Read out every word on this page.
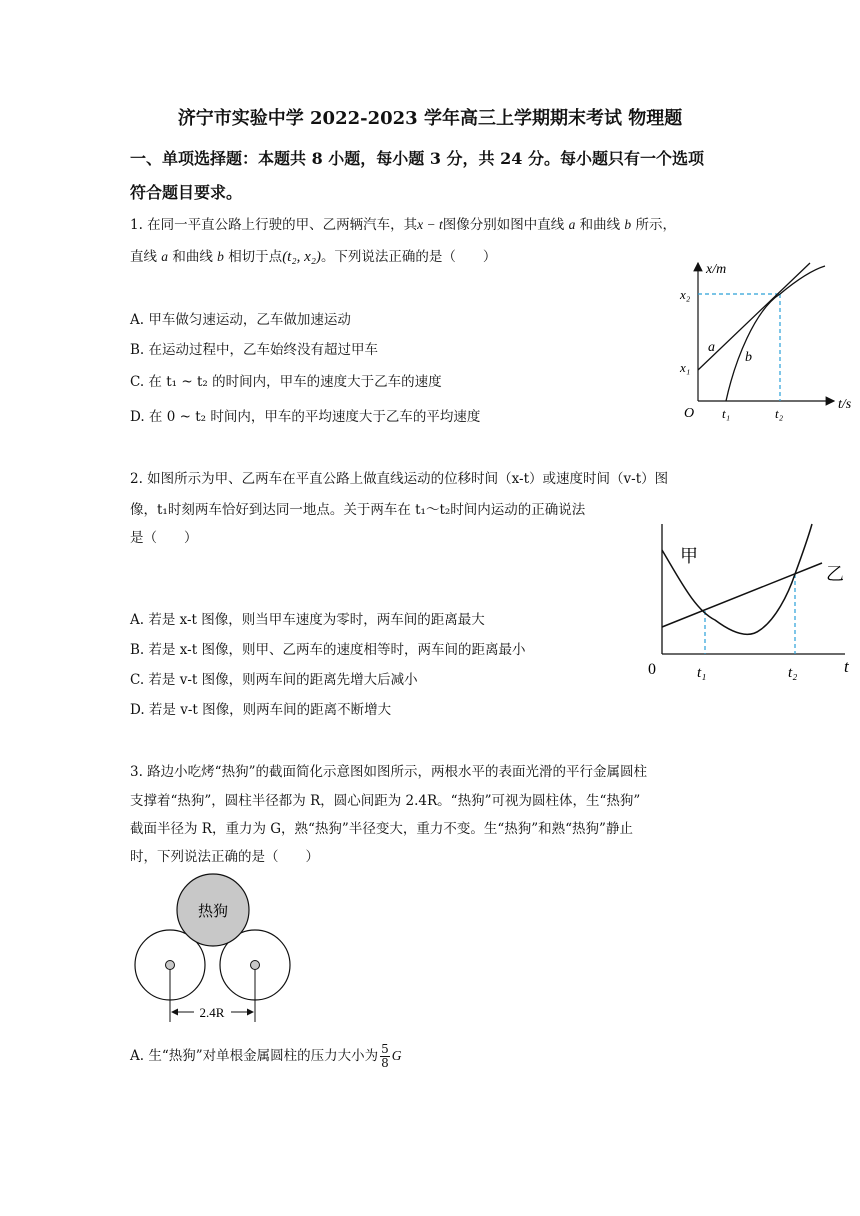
济宁市实验中学 2022-2023 学年高三上学期期末考试 物理题
一、单项选择题：本题共 8 小题，每小题 3 分，共 24 分。每小题只有一个选项
符合题目要求。
1. 在同一平直公路上行驶的甲、乙两辆汽车，其x − t图像分别如图中直线 a 和曲线 b 所示，
直线 a 和曲线 b 相切于点(t₂, x₂)。下列说法正确的是（　　）
A. 甲车做匀速运动，乙车做加速运动
B. 在运动过程中，乙车始终没有超过甲车
C. 在 t₁ ~ t₂ 的时间内，甲车的速度大于乙车的速度
D. 在 0 ~ t₂ 时间内，甲车的平均速度大于乙车的平均速度
x/m
t/s
O
x₂
x₁
t₁	t₂
a
b
2. 如图所示为甲、乙两车在平直公路上做直线运动的位移时间（x-t）或速度时间（v-t）图
像，t₁时刻两车恰好到达同一地点。关于两车在 t₁～t₂时间内运动的正确说法
是（　　）
A. 若是 x-t 图像，则当甲车速度为零时，两车间的距离最大
B. 若是 x-t 图像，则甲、乙两车的速度相等时，两车间的距离最小
C. 若是 v-t 图像，则两车间的距离先增大后减小
D. 若是 v-t 图像，则两车间的距离不断增大
甲
乙
0	t
t₁	t₂
3. 路边小吃烤“热狗”的截面简化示意图如图所示，两根水平的表面光滑的平行金属圆柱
支撑着“热狗”，圆柱半径都为 R，圆心间距为 2.4R。“热狗”可视为圆柱体，生“热狗”
截面半径为 R，重力为 G，熟“热狗”半径变大，重力不变。生“热狗”和熟“热狗”静止
时，下列说法正确的是（　　）
热狗
2.4R
A. 生“热狗”对单根金属圆柱的压力大小为 $\frac{5}{8}$ G
